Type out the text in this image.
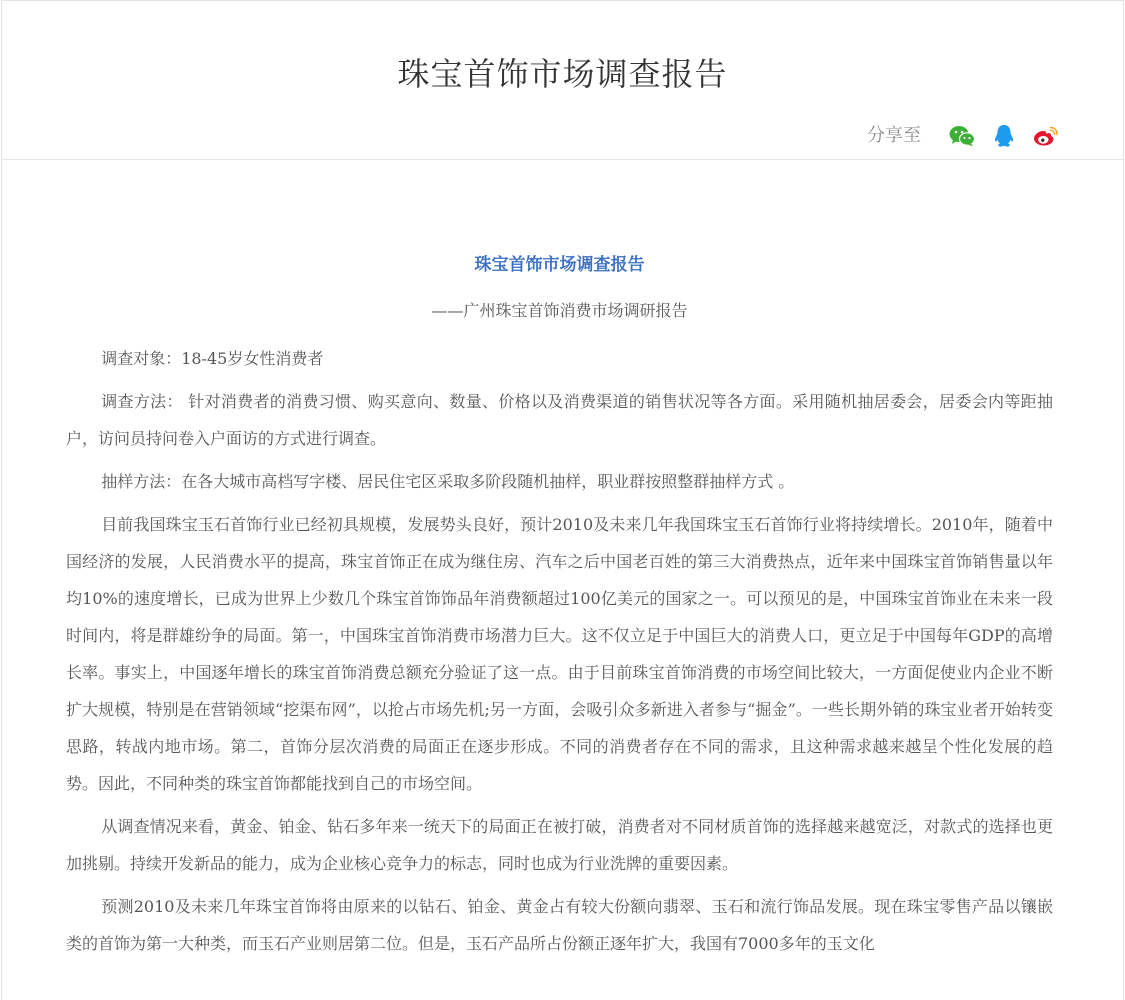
珠宝首饰市场调查报告
分享至

珠宝首饰市场调查报告

——广州珠宝首饰消费市场调研报告

调查对象：18-45岁女性消费者

调查方法： 针对消费者的消费习惯、购买意向、数量、价格以及消费渠道的销售状况等各方面。采用随机抽居委会，居委会内等距抽户，访问员持问卷入户面访的方式进行调查。

抽样方法：在各大城市高档写字楼、居民住宅区采取多阶段随机抽样，职业群按照整群抽样方式 。

目前我国珠宝玉石首饰行业已经初具规模，发展势头良好，预计2010及未来几年我国珠宝玉石首饰行业将持续增长。2010年，随着中国经济的发展，人民消费水平的提高，珠宝首饰正在成为继住房、汽车之后中国老百姓的第三大消费热点，近年来中国珠宝首饰销售量以年均10%的速度增长，已成为世界上少数几个珠宝首饰饰品年消费额超过100亿美元的国家之一。可以预见的是，中国珠宝首饰业在未来一段时间内，将是群雄纷争的局面。第一，中国珠宝首饰消费市场潜力巨大。这不仅立足于中国巨大的消费人口，更立足于中国每年GDP的高增长率。事实上，中国逐年增长的珠宝首饰消费总额充分验证了这一点。由于目前珠宝首饰消费的市场空间比较大，一方面促使业内企业不断扩大规模，特别是在营销领域“挖渠布网”，以抢占市场先机;另一方面，会吸引众多新进入者参与“掘金”。一些长期外销的珠宝业者开始转变思路，转战内地市场。第二，首饰分层次消费的局面正在逐步形成。不同的消费者存在不同的需求，且这种需求越来越呈个性化发展的趋势。因此，不同种类的珠宝首饰都能找到自己的市场空间。

从调查情况来看，黄金、铂金、钻石多年来一统天下的局面正在被打破，消费者对不同材质首饰的选择越来越宽泛，对款式的选择也更加挑剔。持续开发新品的能力，成为企业核心竞争力的标志，同时也成为行业洗牌的重要因素。

预测2010及未来几年珠宝首饰将由原来的以钻石、铂金、黄金占有较大份额向翡翠、玉石和流行饰品发展。现在珠宝零售产品以镶嵌类的首饰为第一大种类，而玉石产业则居第二位。但是，玉石产品所占份额正逐年扩大，我国有7000多年的玉文化
